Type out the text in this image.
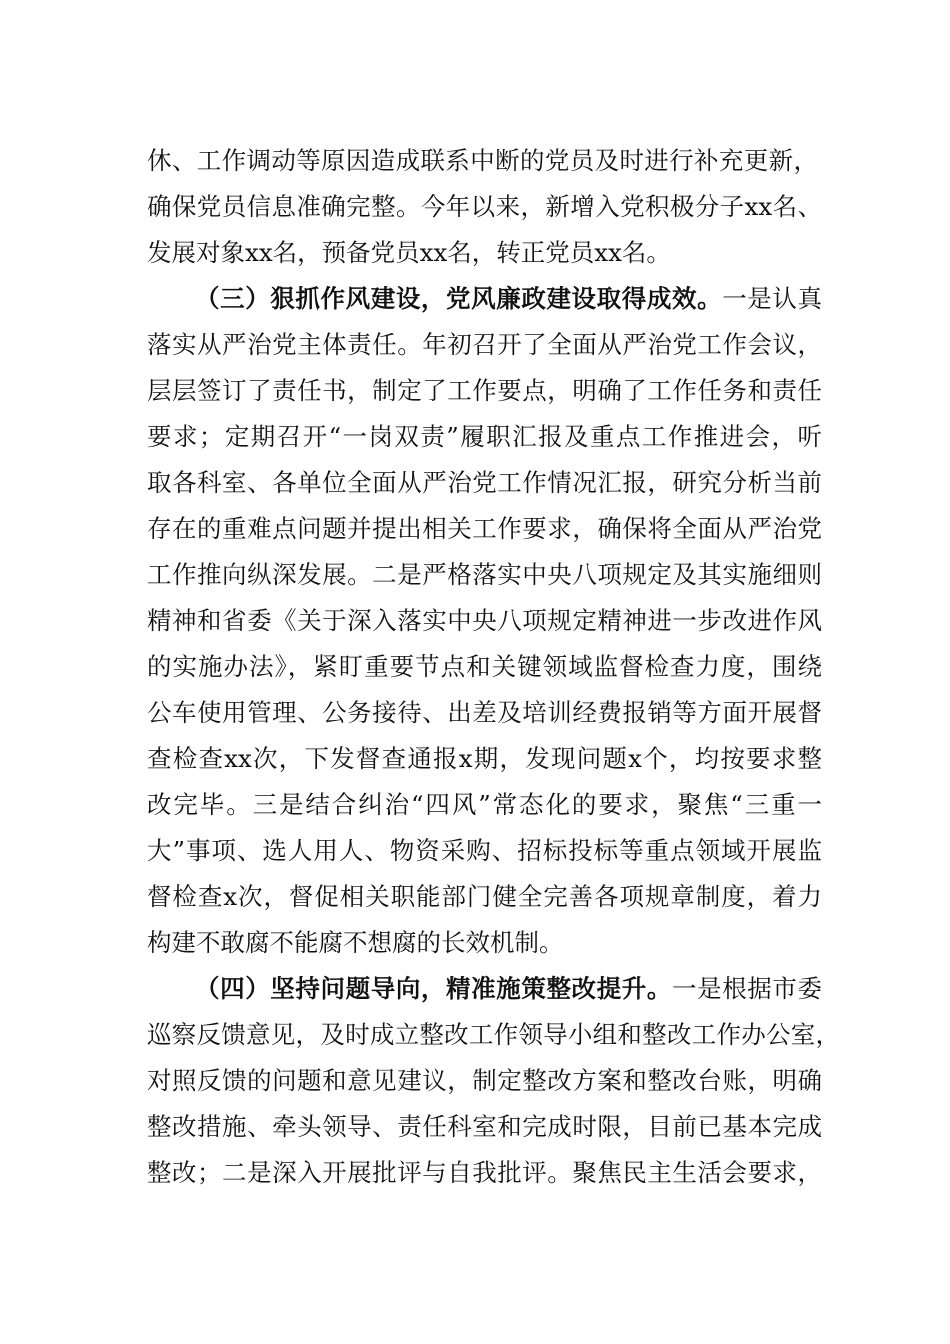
休、工作调动等原因造成联系中断的党员及时进行补充更新，
确保党员信息准确完整。今年以来，新增入党积极分子xx名、
发展对象xx名，预备党员xx名，转正党员xx名。
（三）狠抓作风建设，党风廉政建设取得成效。一是认真
落实从严治党主体责任。年初召开了全面从严治党工作会议，
层层签订了责任书，制定了工作要点，明确了工作任务和责任
要求；定期召开“一岗双责”履职汇报及重点工作推进会，听
取各科室、各单位全面从严治党工作情况汇报，研究分析当前
存在的重难点问题并提出相关工作要求，确保将全面从严治党
工作推向纵深发展。二是严格落实中央八项规定及其实施细则
精神和省委《关于深入落实中央八项规定精神进一步改进作风
的实施办法》，紧盯重要节点和关键领域监督检查力度，围绕
公车使用管理、公务接待、出差及培训经费报销等方面开展督
查检查xx次，下发督查通报x期，发现问题x个，均按要求整
改完毕。三是结合纠治“四风”常态化的要求，聚焦“三重一
大”事项、选人用人、物资采购、招标投标等重点领域开展监
督检查x次，督促相关职能部门健全完善各项规章制度，着力
构建不敢腐不能腐不想腐的长效机制。
（四）坚持问题导向，精准施策整改提升。一是根据市委
巡察反馈意见，及时成立整改工作领导小组和整改工作办公室，
对照反馈的问题和意见建议，制定整改方案和整改台账，明确
整改措施、牵头领导、责任科室和完成时限，目前已基本完成
整改；二是深入开展批评与自我批评。聚焦民主生活会要求，
